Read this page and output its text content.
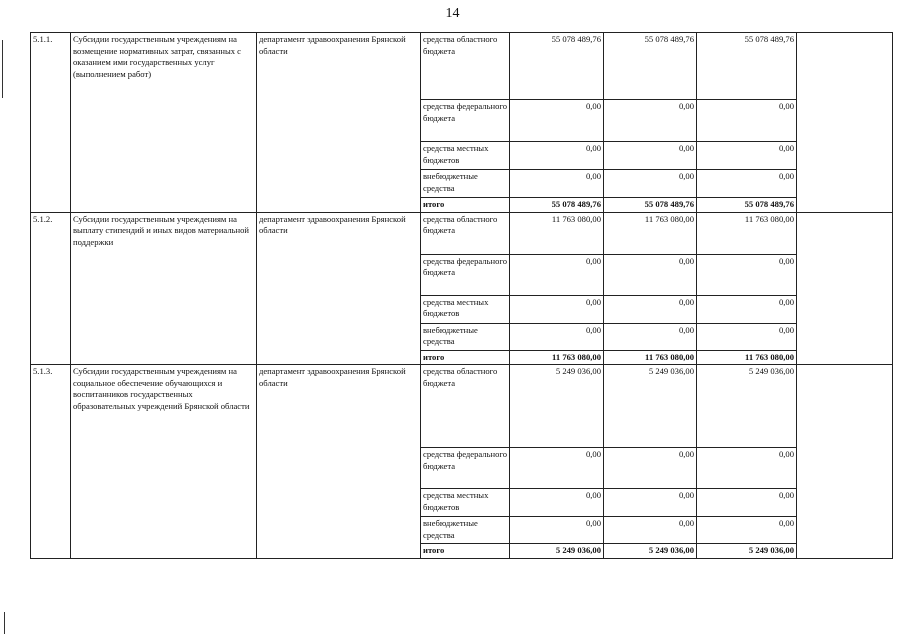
14
5.1.1.	Субсидии государственным учреждениям на возмещение нормативных затрат, связанных с оказанием ими государственных услуг (выполнением работ)	департамент здравоохранения Брянской области	средства областного бюджета	55 078 489,76	55 078 489,76	55 078 489,76	
			средства федерального бюджета	0,00	0,00	0,00	
			средства местных бюджетов	0,00	0,00	0,00	
			внебюджетные средства	0,00	0,00	0,00	
			итого	55 078 489,76	55 078 489,76	55 078 489,76	
5.1.2.	Субсидии государственным учреждениям на выплату стипендий и иных видов материальной поддержки	департамент здравоохранения Брянской области	средства областного бюджета	11 763 080,00	11 763 080,00	11 763 080,00	
			средства федерального бюджета	0,00	0,00	0,00	
			средства местных бюджетов	0,00	0,00	0,00	
			внебюджетные средства	0,00	0,00	0,00	
			итого	11 763 080,00	11 763 080,00	11 763 080,00	
5.1.3.	Субсидии государственным учреждениям на социальное обеспечение обучающихся и воспитанников государственных образовательных учреждений Брянской области	департамент здравоохранения Брянской области	средства областного бюджета	5 249 036,00	5 249 036,00	5 249 036,00	
			средства федерального бюджета	0,00	0,00	0,00	
			средства местных бюджетов	0,00	0,00	0,00	
			внебюджетные средства	0,00	0,00	0,00	
			итого	5 249 036,00	5 249 036,00	5 249 036,00	
